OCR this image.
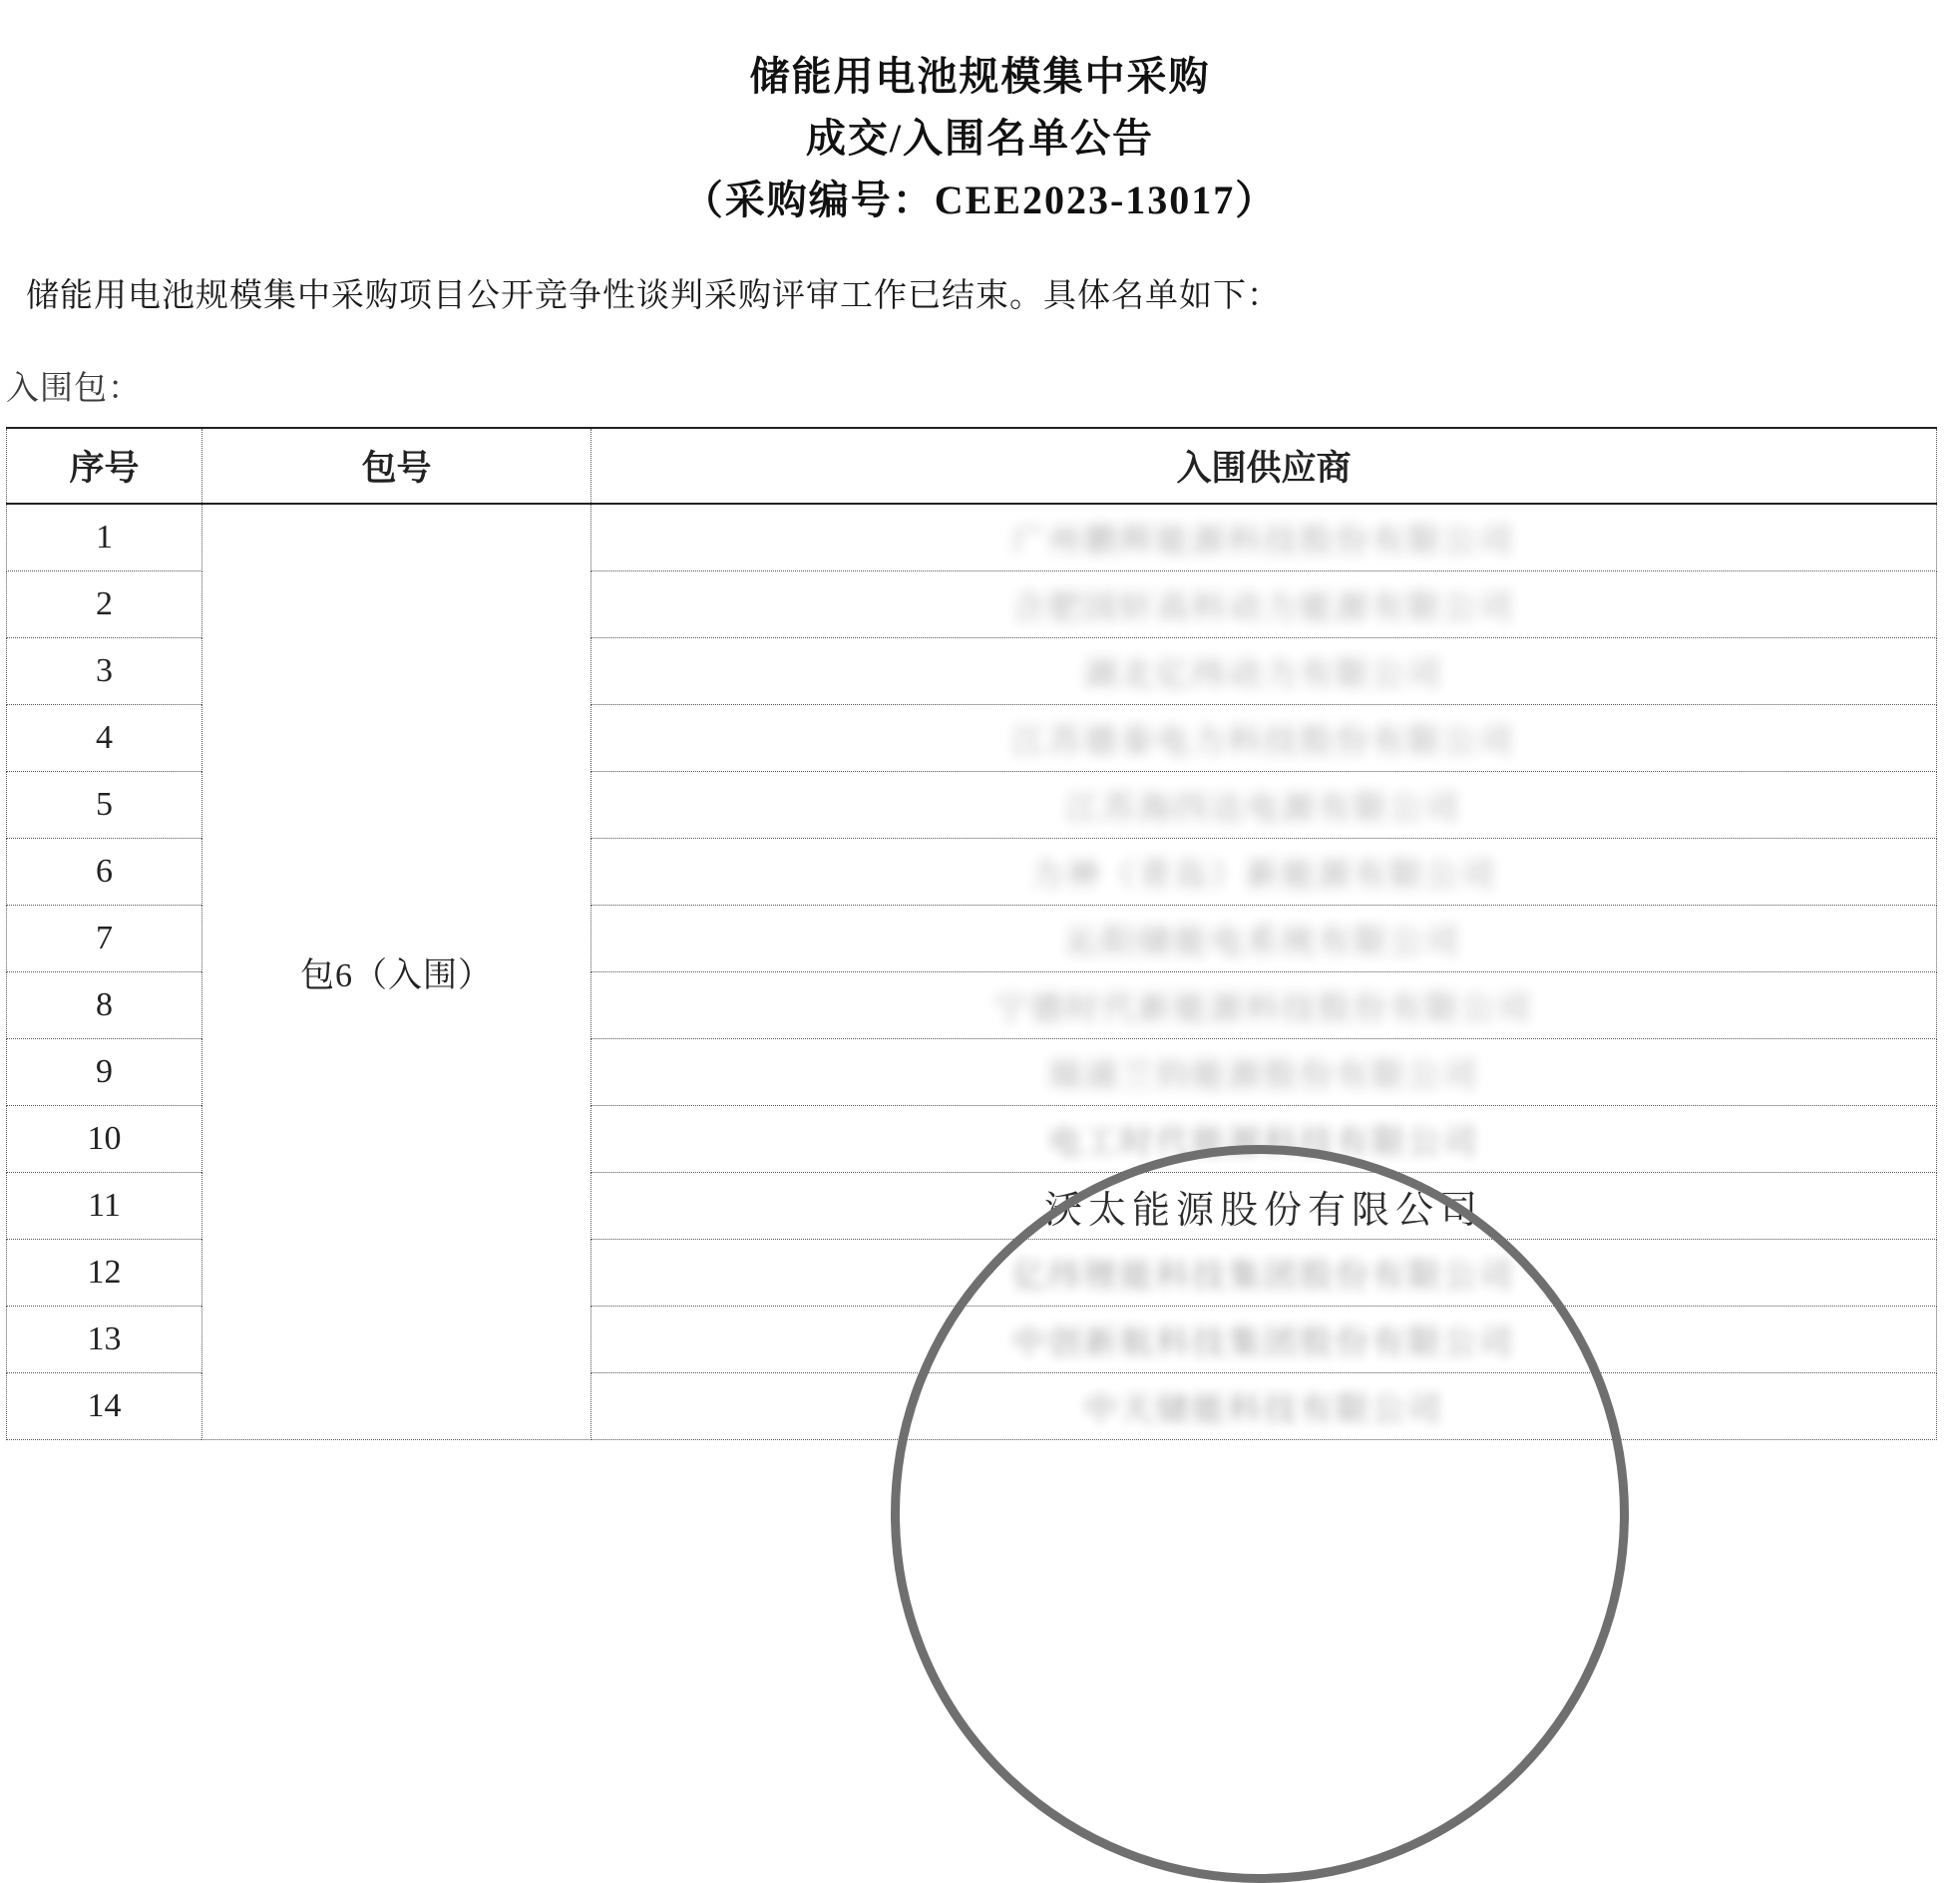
储能用电池规模集中采购
成交/入围名单公告
（采购编号：CEE2023-13017）
储能用电池规模集中采购项目公开竞争性谈判采购评审工作已结束。具体名单如下：
入围包：
序号	包号	入围供应商
1	包6（入围）	广州鹏辉能源科技股份有限公司
2		合肥国轩高科动力能源有限公司
3		湖北亿纬动力有限公司
4		江苏德泰电力科技股份有限公司
5		江苏海四达电源有限公司
6		力神（青岛）新能源有限公司
7		沁阳储能电系统有限公司
8		宁德时代新能源科技股份有限公司
9		瑞浦兰钧能源股份有限公司
10		电工时代能源科技有限公司
11		沃太能源股份有限公司
12		亿纬锂能科技集团股份有限公司
13		中创新航科技集团股份有限公司
14		中天储能科技有限公司
